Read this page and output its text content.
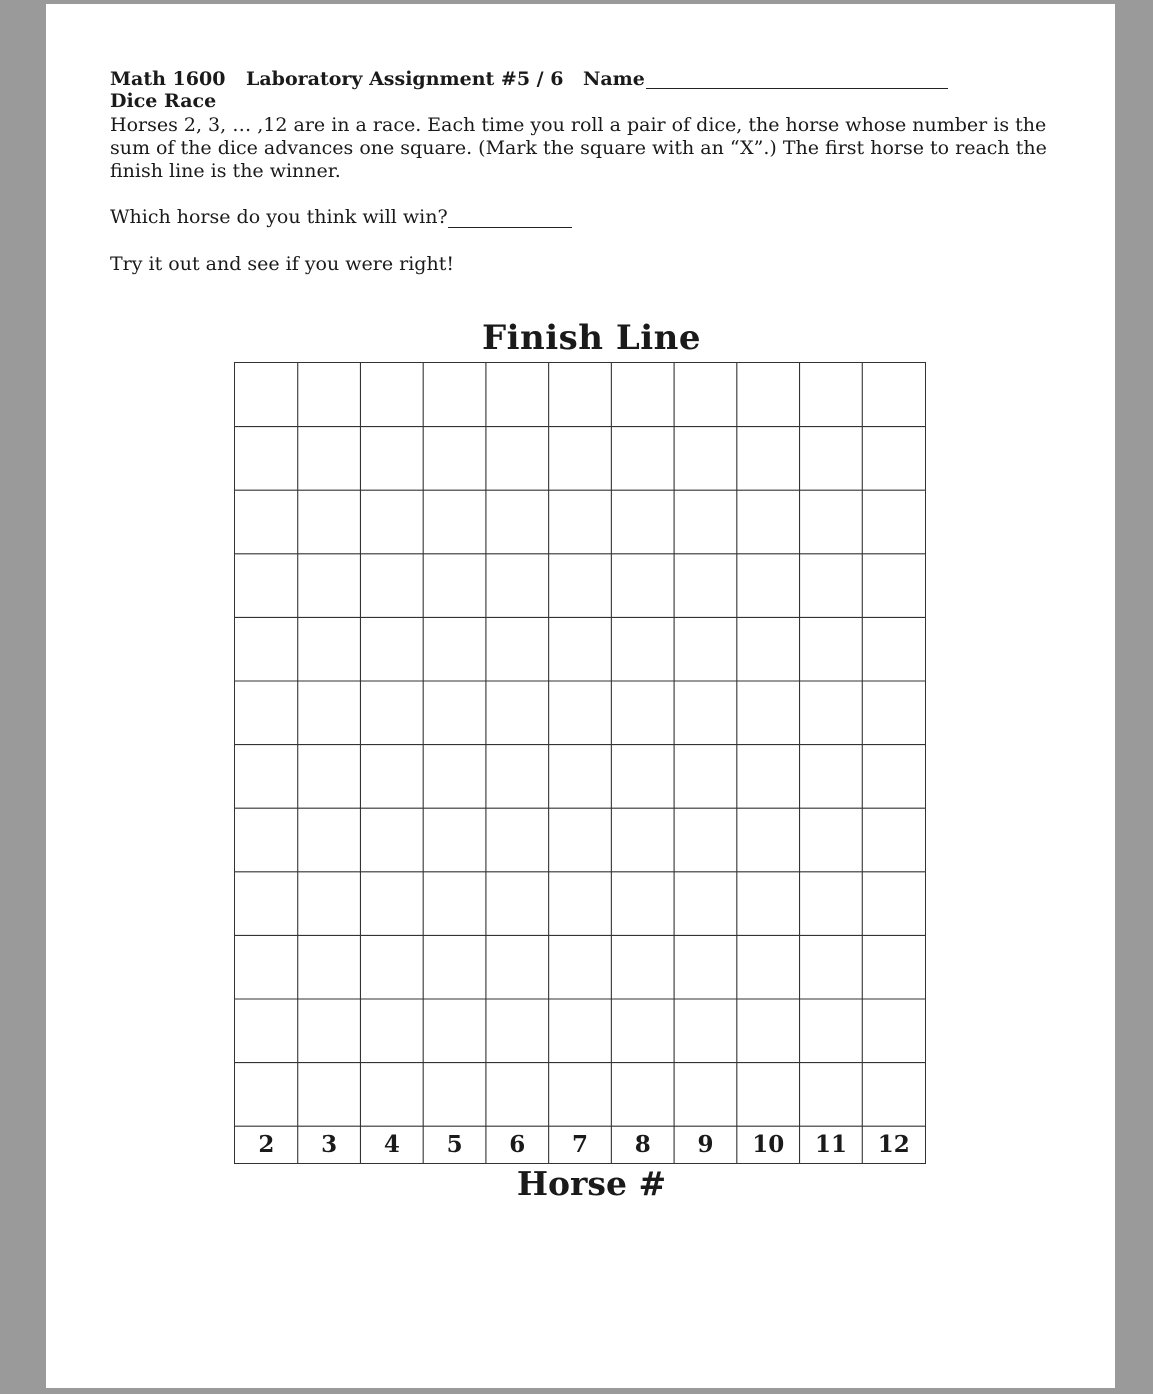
Math 1600 Laboratory Assignment #5 / 6 Name
Dice Race
Horses 2, 3, … ,12 are in a race. Each time you roll a pair of dice, the horse whose number is the sum of the dice advances one square. (Mark the square with an “X”.) The first horse to reach the finish line is the winner.
Which horse do you think will win?
Try it out and see if you were right!
Finish Line
2	3	4	5	6	7	8	9	10	11	12
Horse #
